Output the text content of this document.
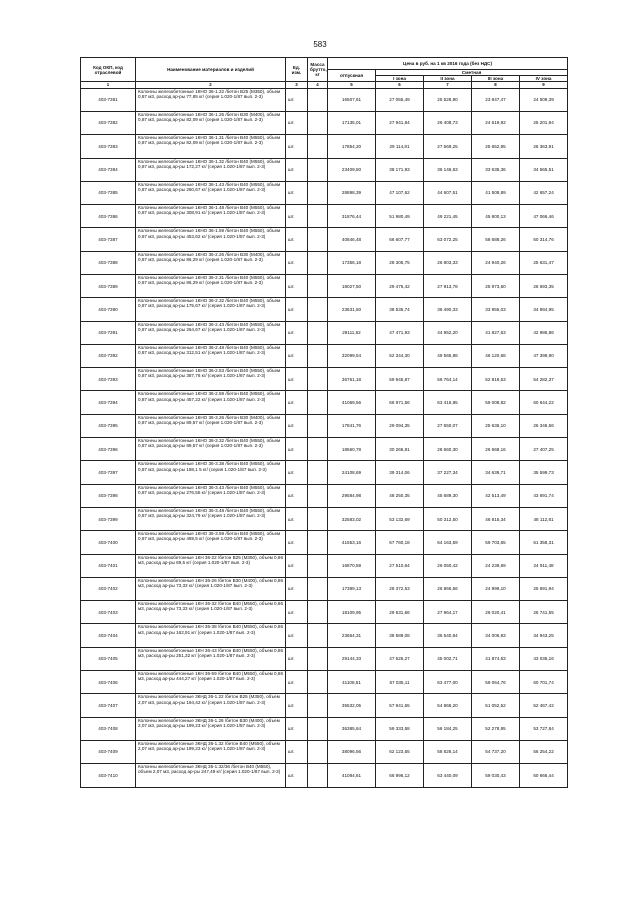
583
Код ОКП, код отраслевой	Наименование материалов и изделий	Ед. изм.	Масса брутто, кг	Цена в руб. на 1 кв 2016 года (без НДС)				
				отпускная	Сметная			
					I зона	II зона	III зона	IV зона
1	2	3	4	5	6	7	8	9
403-7381	Колонны железобетонные 1КНО 36-1.22 /бетон В25 (М350), объем 0,87 м3, расход ар-ры 77,85 кг/ (серия 1.020-1/87 вып. 2-3)	шт.		16507,61	27 055,49	25 528,90	23 847,47	24 509,39
403-7382	Колонны железобетонные 1КНО 36-1.26 /бетон В30 (М400), объем 0,87 м3, расход ар-ры 82,09 кг/ (серия 1.020-1/87 вып. 2-3)	шт.		17135,01	27 941,84	26 408,73	24 619,92	25 201,94
403-7383	Колонны железобетонные 1КНО 36-1.31 /бетон В40 (М550), объем 0,87 м3, расход ар-ры 82,09 кг/ (серия 1.020-1/87 вып. 2-3)	шт.		17854,20	29 114,81	27 569,25	25 652,95	26 363,91
403-7384	Колонны железобетонные 1КНО 36-1.32 /бетон В40 (М550), объем 0,87 м3, расход ар-ры 172,27 кг/ (серия 1.020-1/87 вып. 2-3)	шт.		23409,50	38 171,93	36 146,63	33 635,36	34 565,51
403-7385	Колонны железобетонные 1КНО 36-1.43 /бетон В40 (М550), объем 0,87 м3, расход ар-ры 260,67 кг/ (серия 1.020-1/87 вып. 2-3)	шт.		28898,39	47 107,62	44 607,51	41 508,89	42 657,24
403-7386	Колонны железобетонные 1КНО 36-1.48 /бетон В40 (М550), объем 0,87 м3, расход ар-ры 308,91 кг/ (серия 1.020-1/87 вып. 2-3)	шт.		31876,44	51 980,49	49 221,45	45 800,13	47 066,46
403-7387	Колонны железобетонные 1КНО 36-1.59 /бетон В40 (М550), объем 0,87 м3, расход ар-ры 453,62 кг/ (серия 1.020-1/87 вып. 2-3)	шт.		40846,48	66 607,77	63 072,25	58 688,26	60 314,76
403-7388	Колонны железобетонные 1КНО 36-2.26 /бетон В30 (М400), объем 0,87 м3, расход ар-ры 86,29 кг/ (серия 1.020-1/87 вып. 2-3)	шт.		17356,18	28 305,75	26 803,33	24 940,26	25 631,47
403-7389	Колонны железобетонные 1КНО 36-2.31 /бетон В40 (М550), объем 0,87 м3, расход ар-ры 86,29 кг/ (серия 1.020-1/87 вып. 2-3)	шт.		18027,50	29 476,42	27 913,78	25 973,50	26 693,35
403-7390	Колонны железобетонные 1КНО 36-2.32 /бетон В40 (М550), объем 0,87 м3, расход ар-ры 175,67 кг/ (серия 1.020-1/87 вып. 2-3)	шт.		23631,50	38 535,74	36 490,33	33 955,03	34 894,95
403-7391	Колонны железобетонные 1КНО 36-2.43 /бетон В40 (М550), объем 0,87 м3, расход ар-ры 264,67 кг/ (серия 1.020-1/87 вып. 2-3)	шт.		29111,62	47 471,93	44 952,20	41 827,63	42 986,86
403-7392	Колонны железобетонные 1КНО 36-2.48 /бетон В40 (М550), объем 0,87 м3, расход ар-ры 312,51 кг/ (серия 1.020-1/87 вып. 2-3)	шт.		32099,54	52 344,30	49 565,98	46 120,68	47 398,90
403-7393	Колонны железобетонные 1КНО 36-2.53 /бетон В40 (М550), объем 0,87 м3, расход ар-ры 387,76 кг/ (серия 1.020-1/87 вып. 2-3)	шт.		36761,18	59 945,87	56 764,14	52 818,53	54 282,37
403-7394	Колонны железобетонные 1КНО 36-2.59 /бетон В40 (М550), объем 0,87 м3, расход ар-ры 457,22 кг/ (серия 1.020-1/87 вып. 2-3)	шт.		41069,56	66 971,56	63 416,85	59 008,82	60 644,22
403-7395	Колонны железобетонные 1КНО 36-3.26 /бетон В30 (М400), объем 0,87 м3, расход ар-ры 89,57 кг/ (серия 1.020-1/87 вып. 2-3)	шт.		17841,76	29 094,35	27 550,07	25 636,10	26 346,56
403-7396	Колонны железобетонные 1КНО 36-3.32 /бетон В40 (М550), объем 0,87 м3, расход ар-ры 89,57 кг/ (серия 1.020-1/87 вып. 2-3)	шт.		18560,78	30 266,81	28 660,30	26 668,16	27 407,25
403-7397	Колонны железобетонные 1КНО 36-3.38 /бетон В40 (М550), объем 0,87 м3, расход ар-ры 188,1 5 кг/ (серия 1.020-1/87 вып. 2-3)	шт.		24108,69	39 314,06	37 227,34	34 639,71	35 599,73
403-7398	Колонны железобетонные 1КНО 36-3.43 /бетон В40 (М550), объем 0,87 м3, расход ар-ры 276,55 кг/ (серия 1.020-1/87 вып. 2-3)	шт.		29584,98	48 250,35	45 689,30	42 513,49	43 691,74
403-7399	Колонны железобетонные 1КНО 36-3.48 /бетон В40 (М550), объем 0,87 м3, расход ар-ры 324,79 кг/ (серия 1.020-1/87 вып. 2-3)	шт.		32583,02	53 132,69	50 312,50	46 815,34	48 112,81
403-7400	Колонны железобетонные 1КНО 36-3.59 /бетон В40 (М550), объем 0,87 м3, расход ар-ры 469,5 кг/ (серия 1.020-1/87 вып. 2-3)	шт.		41553,16	67 760,18	64 163,59	59 703,65	61 358,31
403-7401	Колонны железобетонные 1КН 36-22 /бетон В25 (М350), объем 0,86 м3, расход ар-ры 69,5 кг/ (серия 1.020-1/87 вып. 2-3)	шт.		16870,58	27 510,64	26 050,42	24 239,69	24 911,48
403-7402	Колонны железобетонные 1КН 36-26 /бетон В30 (М400), объем 0,86 м3, расход ар-ры 73,33 кг/ (серия 1.020-1/87 вып. 2-3)	шт.		17399,13	28 372,53	26 866,56	24 999,10	25 691,94
403-7403	Колонны железобетонные 1КН 36-32 /бетон В40 (М550), объем 0,86 м3, расход ар-ры 73,33 кг/ (серия 1.020-1/87 вып. 2-3)	шт.		18109,95	29 531,66	27 964,17	26 020,41	26 741,55
403-7404	Колонны железобетонные 1КН 36-38 /бетон В40 (М550), объем 0,86 м3, расход ар-ры 162,91 кг/ (серия 1.020-1/87 вып. 2-3)	шт.		23664,31	38 589,08	36 540,84	34 006,93	34 943,25
403-7405	Колонны железобетонные 1КН 36-43 /бетон В40 (М550), объем 0,86 м3, расход ар-ры 251,32 кг/ (серия 1.020-1/87 вып. 2-3)	шт.		29144,33	47 525,27	45 002,71	41 874,63	43 035,16
403-7406	Колонны железобетонные 1КН 36-59 /бетон В40 (М550), объем 0,86 м3, расход ар-ры 444,27 кг/ (серия 1.020-1/87 вып. 2-3)	шт.		41108,51	67 035,11	63 477,00	59 064,76	60 701,74
403-7407	Колонны железобетонные 3КНД 36-1.22 /бетон В25 (М350), объем 2,07 м3, расход ар-ры 194,42 кг/ (серия 1.020-1/87 вып. 2-3)	шт.		35532,05	57 941,65	54 866,20	51 052,52	52 467,42
403-7408	Колонны железобетонные 3КНД 36-1.26 /бетон В30 (М400), объем 2,07 м3, расход ар-ры 199,23 кг/ (серия 1.020-1/87 вып. 2-3)	шт.		36385,64	59 333,58	56 184,25	52 278,95	53 727,84
403-7409	Колонны железобетонные 3КНД 36-1.32 /бетон В40 (М550), объем 2,07 м3, расход ар-ры 199,23 кг/ (серия 1.020-1/87 вып. 2-3)	шт.		38096,56	62 123,55	58 826,14	54 737,20	56 254,22
403-7410	Колонны железобетонные 3КНД 36-1.32/36 /бетон В40 (М550), объем 2,07 м3, расход ар-ры 247,49 кг/ (серия 1.020-1/87 вып. 2-3)	шт.		41084,61	66 996,12	63 440,09	59 030,43	60 666,44
